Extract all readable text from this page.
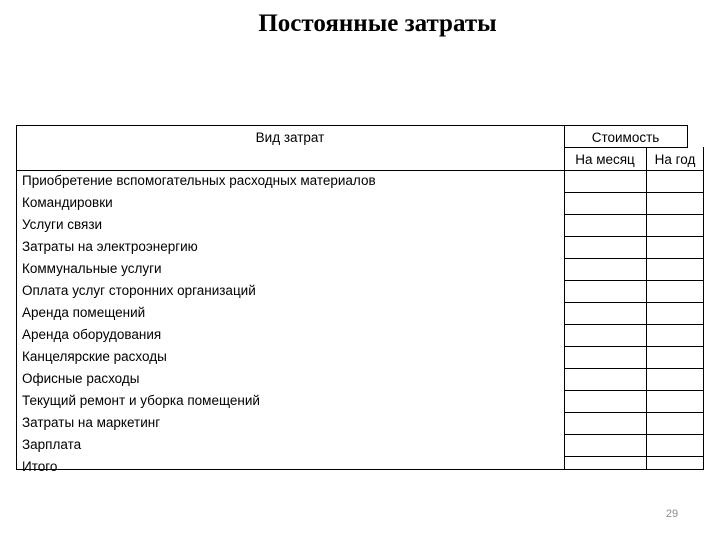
Постоянные затраты
Вид затрат	Стоимость
На месяц	На год
Приобретение вспомогательных расходных материалов
Командировки
Услуги связи
Затраты на электроэнергию
Коммунальные услуги
Оплата услуг сторонних организаций
Аренда помещений
Аренда оборудования
Канцелярские расходы
Офисные расходы
Текущий ремонт и уборка помещений
Затраты на маркетинг
Зарплата
Итого
29
